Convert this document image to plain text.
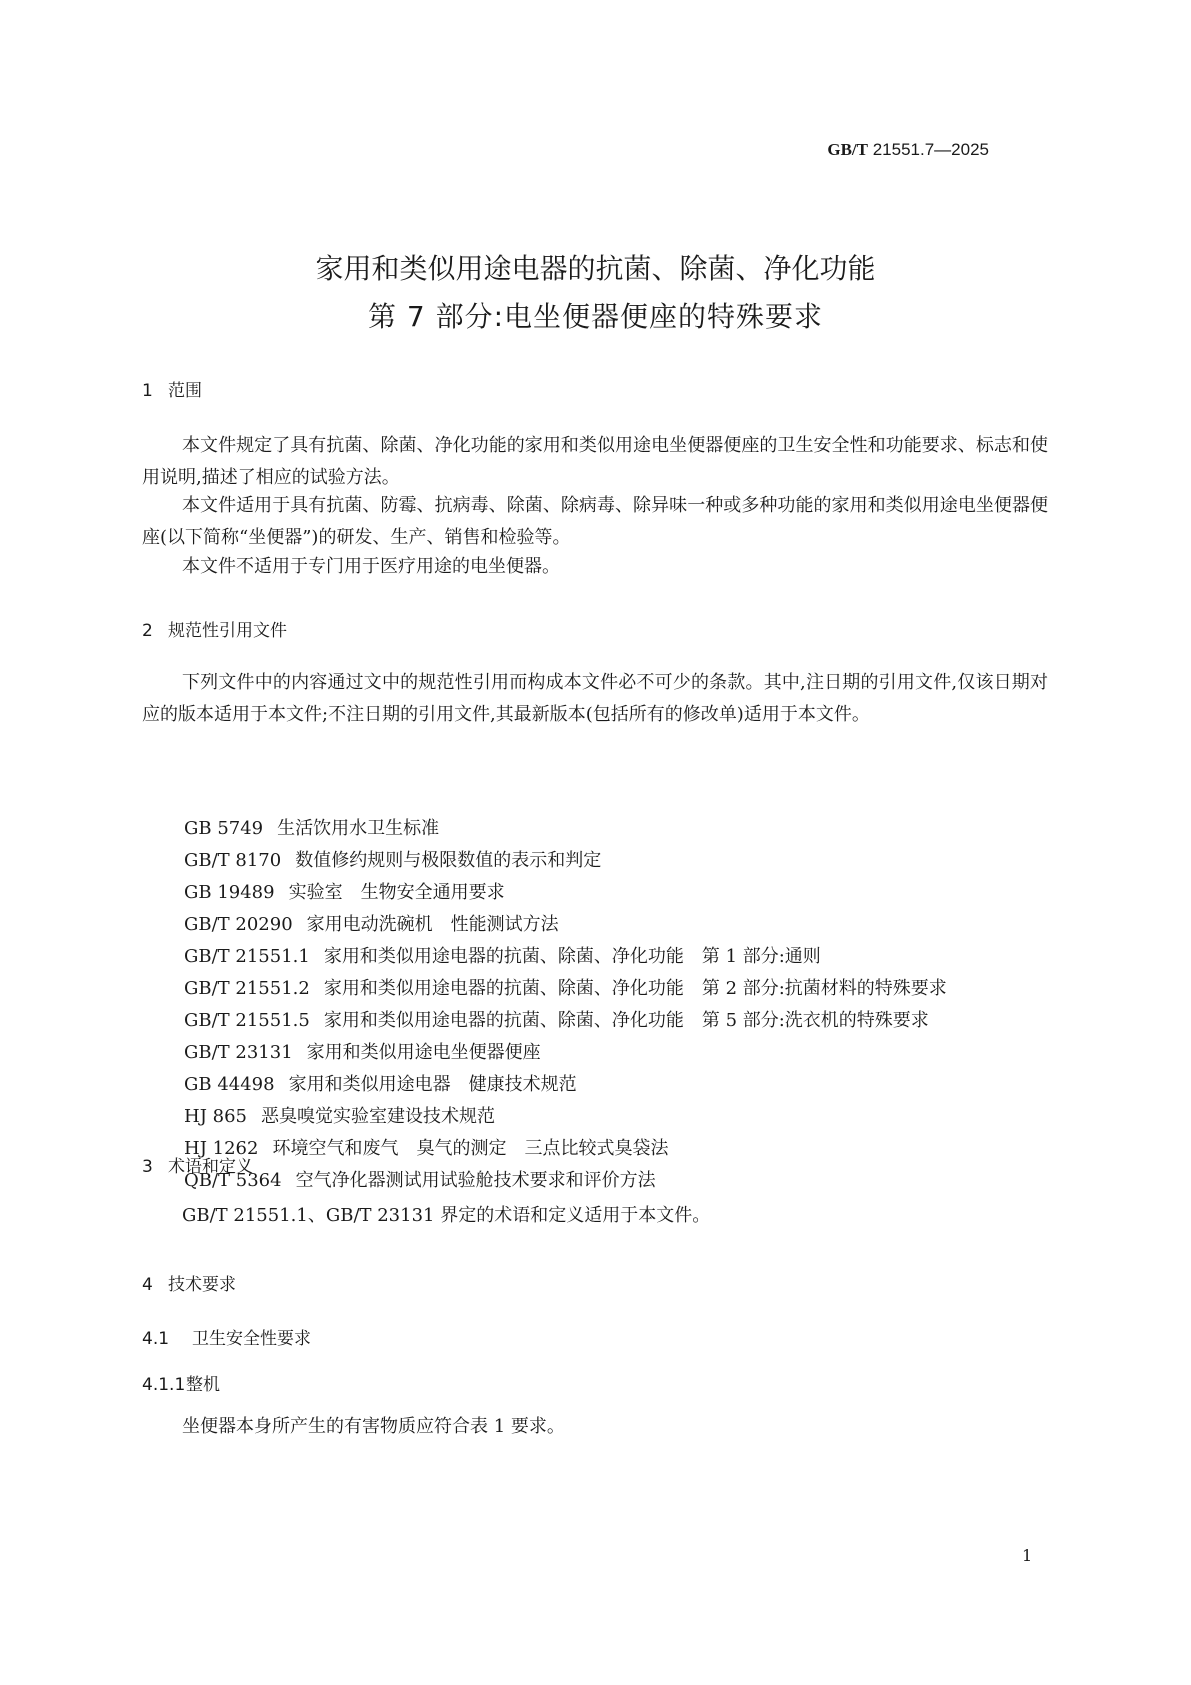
GB/T 21551.7—2025
家用和类似用途电器的抗菌、除菌、净化功能
第 7 部分:电坐便器便座的特殊要求
1 范围

本文件规定了具有抗菌、除菌、净化功能的家用和类似用途电坐便器便座的卫生安全性和功能要求、标志和使用说明,描述了相应的试验方法。

本文件适用于具有抗菌、防霉、抗病毒、除菌、除病毒、除异味一种或多种功能的家用和类似用途电坐便器便座(以下简称“坐便器”)的研发、生产、销售和检验等。

本文件不适用于专门用于医疗用途的电坐便器。

2 规范性引用文件

下列文件中的内容通过文中的规范性引用而构成本文件必不可少的条款。其中,注日期的引用文件,仅该日期对应的版本适用于本文件;不注日期的引用文件,其最新版本(包括所有的修改单)适用于本文件。

GB 5749 生活饮用水卫生标准
GB/T 8170 数值修约规则与极限数值的表示和判定
GB 19489 实验室　生物安全通用要求
GB/T 20290 家用电动洗碗机　性能测试方法
GB/T 21551.1 家用和类似用途电器的抗菌、除菌、净化功能　第 1 部分:通则
GB/T 21551.2 家用和类似用途电器的抗菌、除菌、净化功能　第 2 部分:抗菌材料的特殊要求
GB/T 21551.5 家用和类似用途电器的抗菌、除菌、净化功能　第 5 部分:洗衣机的特殊要求
GB/T 23131 家用和类似用途电坐便器便座
GB 44498 家用和类似用途电器　健康技术规范
HJ 865 恶臭嗅觉实验室建设技术规范
HJ 1262 环境空气和废气　臭气的测定　三点比较式臭袋法
QB/T 5364 空气净化器测试用试验舱技术要求和评价方法
3 术语和定义

GB/T 21551.1、GB/T 23131 界定的术语和定义适用于本文件。

4 技术要求
4.1 卫生安全性要求
4.1.1整机

坐便器本身所产生的有害物质应符合表 1 要求。

1
